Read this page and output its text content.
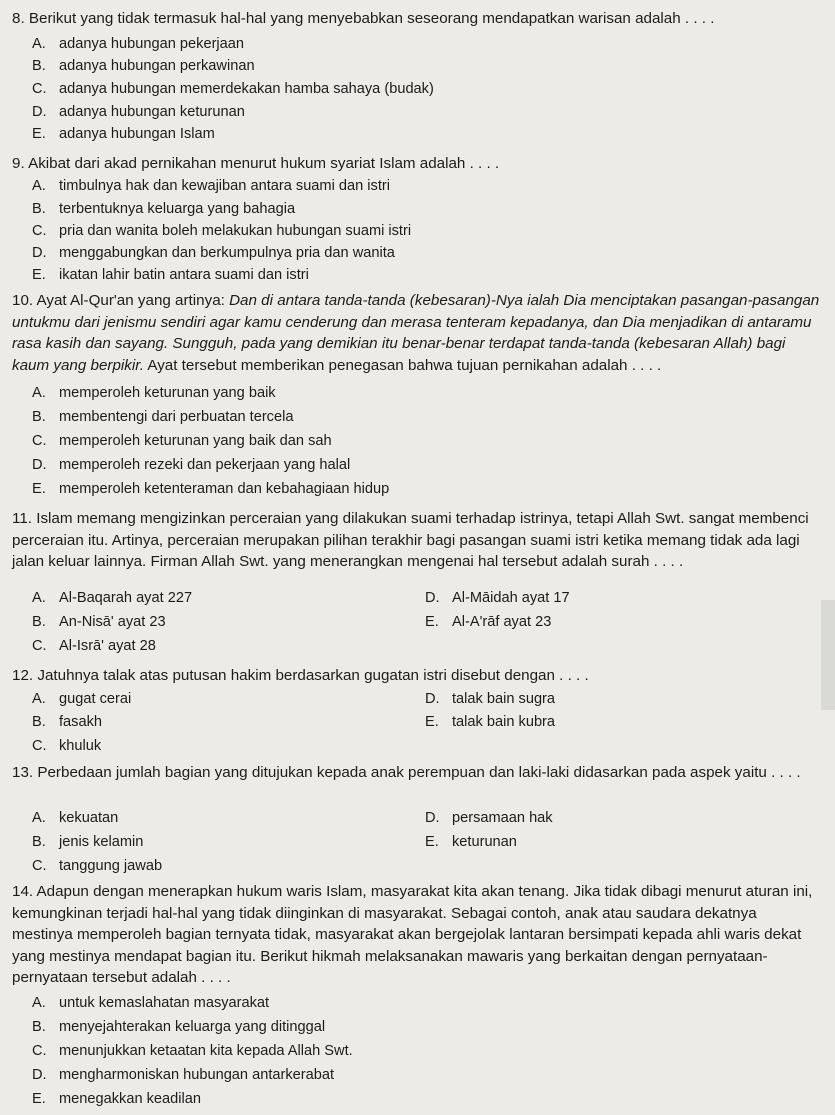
8. Berikut yang tidak termasuk hal-hal yang menyebabkan seseorang mendapatkan warisan adalah . . . .
A. adanya hubungan pekerjaan
B. adanya hubungan perkawinan
C. adanya hubungan memerdekakan hamba sahaya (budak)
D. adanya hubungan keturunan
E. adanya hubungan Islam
9. Akibat dari akad pernikahan menurut hukum syariat Islam adalah . . . .
A. timbulnya hak dan kewajiban antara suami dan istri
B. terbentuknya keluarga yang bahagia
C. pria dan wanita boleh melakukan hubungan suami istri
D. menggabungkan dan berkumpulnya pria dan wanita
E. ikatan lahir batin antara suami dan istri
10. Ayat Al-Qur'an yang artinya: Dan di antara tanda-tanda (kebesaran)-Nya ialah Dia menciptakan pasangan-pasangan untukmu dari jenismu sendiri agar kamu cenderung dan merasa tenteram kepadanya, dan Dia menjadikan di antaramu rasa kasih dan sayang. Sungguh, pada yang demikian itu benar-benar terdapat tanda-tanda (kebesaran Allah) bagi kaum yang berpikir. Ayat tersebut memberikan penegasan bahwa tujuan pernikahan adalah . . . .
A. memperoleh keturunan yang baik
B. membentengi dari perbuatan tercela
C. memperoleh keturunan yang baik dan sah
D. memperoleh rezeki dan pekerjaan yang halal
E. memperoleh ketenteraman dan kebahagiaan hidup
11. Islam memang mengizinkan perceraian yang dilakukan suami terhadap istrinya, tetapi Allah Swt. sangat membenci perceraian itu. Artinya, perceraian merupakan pilihan terakhir bagi pasangan suami istri ketika memang tidak ada lagi jalan keluar lainnya. Firman Allah Swt. yang menerangkan mengenai hal tersebut adalah surah . . . .
A. Al-Baqarah ayat 227
B. An-Nisā' ayat 23
C. Al-Isrā' ayat 28
D. Al-Māidah ayat 17
E. Al-A'rāf ayat 23
12. Jatuhnya talak atas putusan hakim berdasarkan gugatan istri disebut dengan . . . .
A. gugat cerai
B. fasakh
C. khuluk
D. talak bain sugra
E. talak bain kubra
13. Perbedaan jumlah bagian yang ditujukan kepada anak perempuan dan laki-laki didasarkan pada aspek yaitu . . . .
A. kekuatan
B. jenis kelamin
C. tanggung jawab
D. persamaan hak
E. keturunan
14. Adapun dengan menerapkan hukum waris Islam, masyarakat kita akan tenang. Jika tidak dibagi menurut aturan ini, kemungkinan terjadi hal-hal yang tidak diinginkan di masyarakat. Sebagai contoh, anak atau saudara dekatnya mestinya memperoleh bagian ternyata tidak, masyarakat akan bergejolak lantaran bersimpati kepada ahli waris dekat yang mestinya mendapat bagian itu. Berikut hikmah melaksanakan mawaris yang berkaitan dengan pernyataan-pernyataan tersebut adalah . . . .
A. untuk kemaslahatan masyarakat
B. menyejahterakan keluarga yang ditinggal
C. menunjukkan ketaatan kita kepada Allah Swt.
D. mengharmoniskan hubungan antarkerabat
E. menegakkan keadilan
